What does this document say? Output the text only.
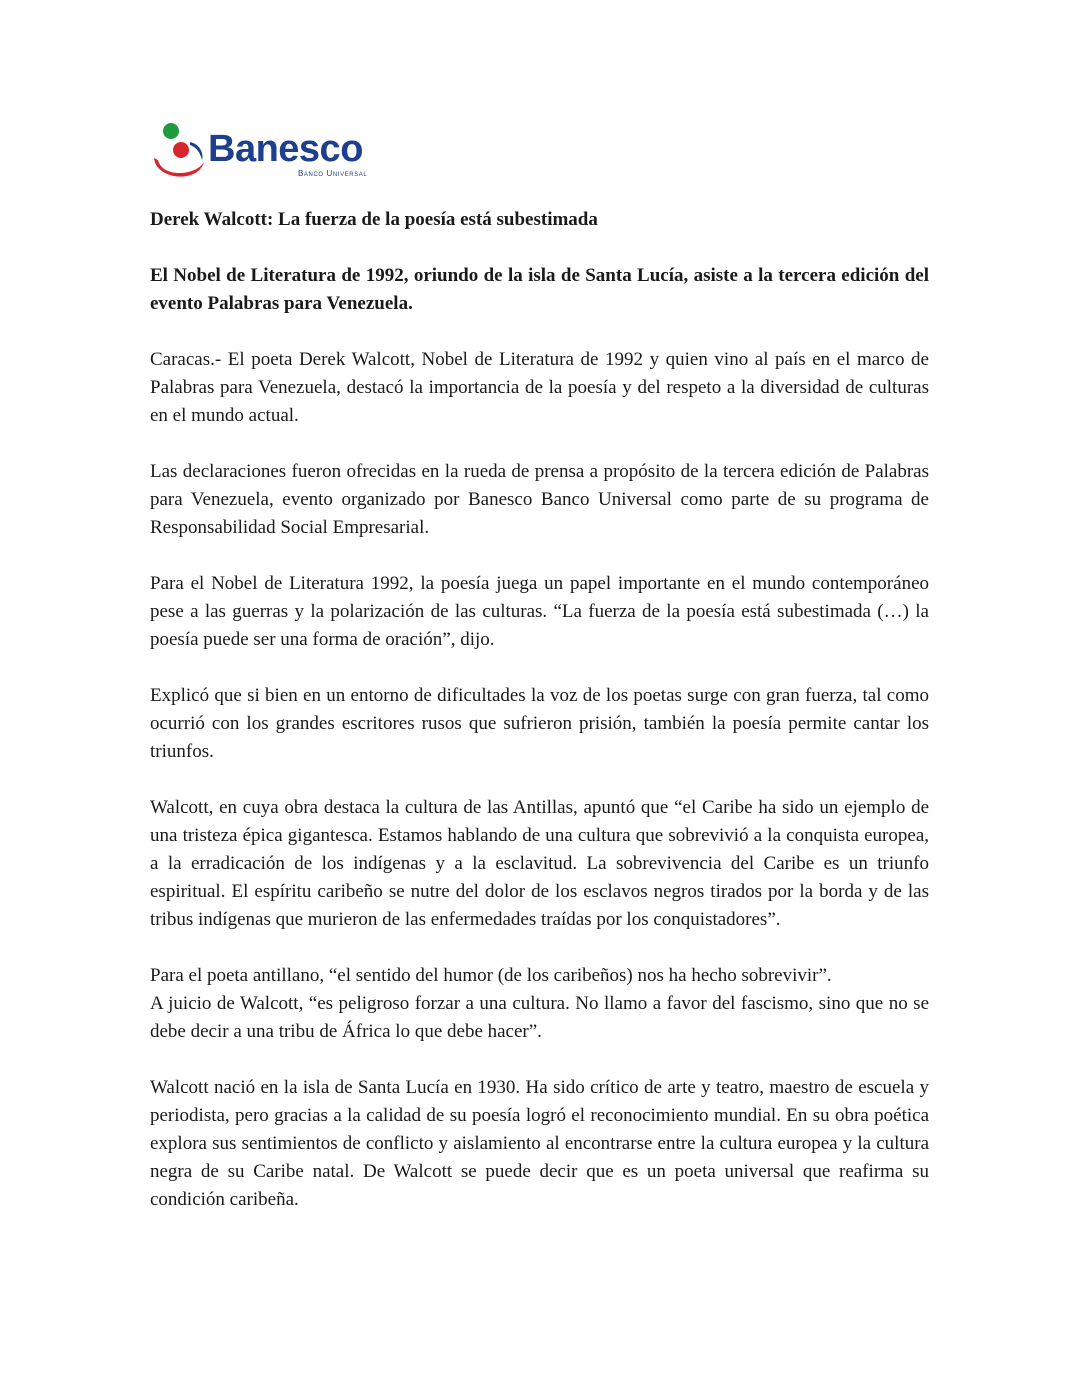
Banesco
Banco Universal
Derek Walcott: La fuerza de la poesía está subestimada

El Nobel de Literatura de 1992, oriundo de la isla de Santa Lucía, asiste a la tercera edición del evento Palabras para Venezuela.

Caracas.- El poeta Derek Walcott, Nobel de Literatura de 1992 y quien vino al país en el marco de Palabras para Venezuela, destacó la importancia de la poesía y del respeto a la diversidad de culturas en el mundo actual.

Las declaraciones fueron ofrecidas en la rueda de prensa a propósito de la tercera edición de Palabras para Venezuela, evento organizado por Banesco Banco Universal como parte de su programa de Responsabilidad Social Empresarial.

Para el Nobel de Literatura 1992, la poesía juega un papel importante en el mundo contemporáneo pese a las guerras y la polarización de las culturas. “La fuerza de la poesía está subestimada (…) la poesía puede ser una forma de oración”, dijo.

Explicó que si bien en un entorno de dificultades la voz de los poetas surge con gran fuerza, tal como ocurrió con los grandes escritores rusos que sufrieron prisión, también la poesía permite cantar los triunfos.

Walcott, en cuya obra destaca la cultura de las Antillas, apuntó que “el Caribe ha sido un ejemplo de una tristeza épica gigantesca. Estamos hablando de una cultura que sobrevivió a la conquista europea, a la erradicación de los indígenas y a la esclavitud. La sobrevivencia del Caribe es un triunfo espiritual. El espíritu caribeño se nutre del dolor de los esclavos negros tirados por la borda y de las tribus indígenas que murieron de las enfermedades traídas por los conquistadores”.

Para el poeta antillano, “el sentido del humor (de los caribeños) nos ha hecho sobrevivir”.

A juicio de Walcott, “es peligroso forzar a una cultura. No llamo a favor del fascismo, sino que no se debe decir a una tribu de África lo que debe hacer”.

Walcott nació en la isla de Santa Lucía en 1930. Ha sido crítico de arte y teatro, maestro de escuela y periodista, pero gracias a la calidad de su poesía logró el reconocimiento mundial. En su obra poética explora sus sentimientos de conflicto y aislamiento al encontrarse entre la cultura europea y la cultura negra de su Caribe natal. De Walcott se puede decir que es un poeta universal que reafirma su condición caribeña.
